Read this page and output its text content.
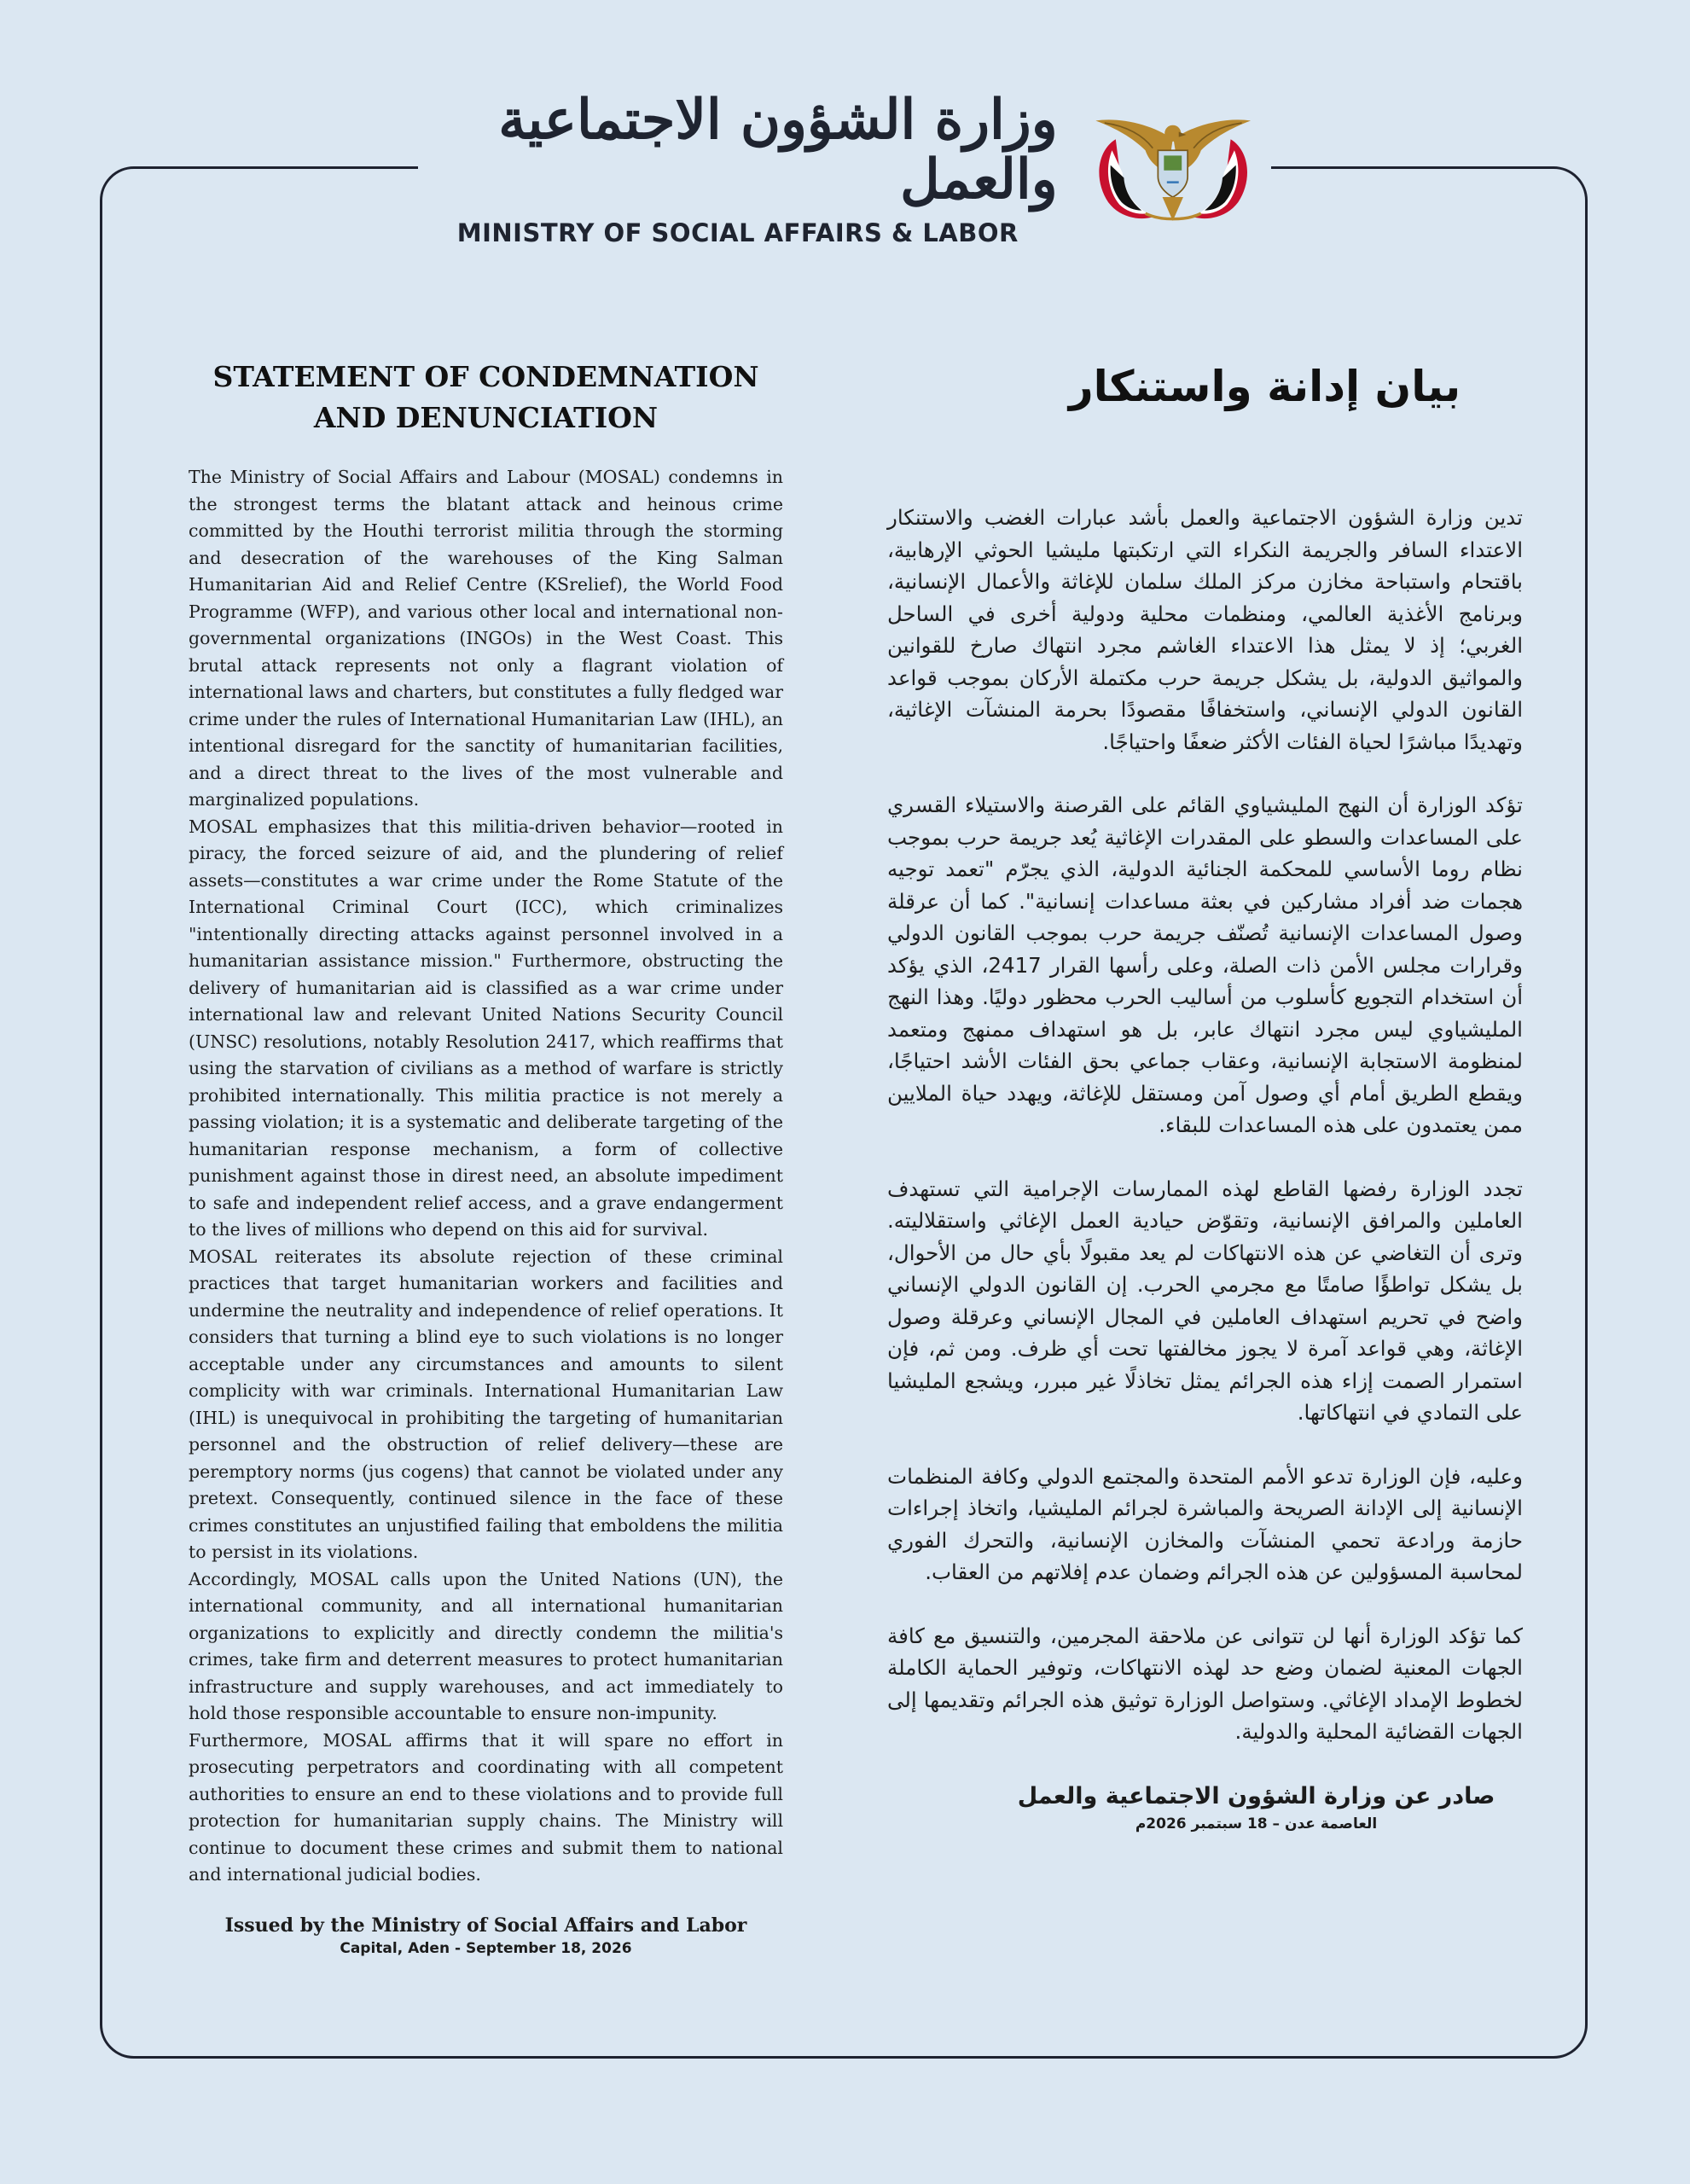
وزارة الشؤون الاجتماعية والعمل
MINISTRY OF SOCIAL AFFAIRS & LABOR
STATEMENT OF CONDEMNATION AND DENUNCIATION

The Ministry of Social Affairs and Labour (MOSAL) condemns in the strongest terms the blatant attack and heinous crime committed by the Houthi terrorist militia through the storming and desecration of the warehouses of the King Salman Humanitarian Aid and Relief Centre (KSrelief), the World Food Programme (WFP), and various other local and international non-governmental organizations (INGOs) in the West Coast. This brutal attack represents not only a flagrant violation of international laws and charters, but constitutes a fully fledged war crime under the rules of International Humanitarian Law (IHL), an intentional disregard for the sanctity of humanitarian facilities, and a direct threat to the lives of the most vulnerable and marginalized populations.

MOSAL emphasizes that this militia-driven behavior—rooted in piracy, the forced seizure of aid, and the plundering of relief assets—constitutes a war crime under the Rome Statute of the International Criminal Court (ICC), which criminalizes "intentionally directing attacks against personnel involved in a humanitarian assistance mission." Furthermore, obstructing the delivery of humanitarian aid is classified as a war crime under international law and relevant United Nations Security Council (UNSC) resolutions, notably Resolution 2417, which reaffirms that using the starvation of civilians as a method of warfare is strictly prohibited internationally. This militia practice is not merely a passing violation; it is a systematic and deliberate targeting of the humanitarian response mechanism, a form of collective punishment against those in direst need, an absolute impediment to safe and independent relief access, and a grave endangerment to the lives of millions who depend on this aid for survival.

MOSAL reiterates its absolute rejection of these criminal practices that target humanitarian workers and facilities and undermine the neutrality and independence of relief operations. It considers that turning a blind eye to such violations is no longer acceptable under any circumstances and amounts to silent complicity with war criminals. International Humanitarian Law (IHL) is unequivocal in prohibiting the targeting of humanitarian personnel and the obstruction of relief delivery—these are peremptory norms (jus cogens) that cannot be violated under any pretext. Consequently, continued silence in the face of these crimes constitutes an unjustified failing that emboldens the militia to persist in its violations.

Accordingly, MOSAL calls upon the United Nations (UN), the international community, and all international humanitarian organizations to explicitly and directly condemn the militia's crimes, take firm and deterrent measures to protect humanitarian infrastructure and supply warehouses, and act immediately to hold those responsible accountable to ensure non-impunity.

Furthermore, MOSAL affirms that it will spare no effort in prosecuting perpetrators and coordinating with all competent authorities to ensure an end to these violations and to provide full protection for humanitarian supply chains. The Ministry will continue to document these crimes and submit them to national and international judicial bodies.

Issued by the Ministry of Social Affairs and Labor
Capital, Aden - September 18, 2026
بيان إدانة واستنكار

تدين وزارة الشؤون الاجتماعية والعمل بأشد عبارات الغضب والاستنكار الاعتداء السافر والجريمة النكراء التي ارتكبتها مليشيا الحوثي الإرهابية، باقتحام واستباحة مخازن مركز الملك سلمان للإغاثة والأعمال الإنسانية، وبرنامج الأغذية العالمي، ومنظمات محلية ودولية أخرى في الساحل الغربي؛ إذ لا يمثل هذا الاعتداء الغاشم مجرد انتهاك صارخ للقوانين والمواثيق الدولية، بل يشكل جريمة حرب مكتملة الأركان بموجب قواعد القانون الدولي الإنساني، واستخفافًا مقصودًا بحرمة المنشآت الإغاثية، وتهديدًا مباشرًا لحياة الفئات الأكثر ضعفًا واحتياجًا.

تؤكد الوزارة أن النهج المليشياوي القائم على القرصنة والاستيلاء القسري على المساعدات والسطو على المقدرات الإغاثية يُعد جريمة حرب بموجب نظام روما الأساسي للمحكمة الجنائية الدولية، الذي يجرّم "تعمد توجيه هجمات ضد أفراد مشاركين في بعثة مساعدات إنسانية". كما أن عرقلة وصول المساعدات الإنسانية تُصنّف جريمة حرب بموجب القانون الدولي وقرارات مجلس الأمن ذات الصلة، وعلى رأسها القرار 2417، الذي يؤكد أن استخدام التجويع كأسلوب من أساليب الحرب محظور دوليًا. وهذا النهج المليشياوي ليس مجرد انتهاك عابر، بل هو استهداف ممنهج ومتعمد لمنظومة الاستجابة الإنسانية، وعقاب جماعي بحق الفئات الأشد احتياجًا، ويقطع الطريق أمام أي وصول آمن ومستقل للإغاثة، ويهدد حياة الملايين ممن يعتمدون على هذه المساعدات للبقاء.

تجدد الوزارة رفضها القاطع لهذه الممارسات الإجرامية التي تستهدف العاملين والمرافق الإنسانية، وتقوّض حيادية العمل الإغاثي واستقلاليته. وترى أن التغاضي عن هذه الانتهاكات لم يعد مقبولًا بأي حال من الأحوال، بل يشكل تواطؤًا صامتًا مع مجرمي الحرب. إن القانون الدولي الإنساني واضح في تحريم استهداف العاملين في المجال الإنساني وعرقلة وصول الإغاثة، وهي قواعد آمرة لا يجوز مخالفتها تحت أي ظرف. ومن ثم، فإن استمرار الصمت إزاء هذه الجرائم يمثل تخاذلًا غير مبرر، ويشجع المليشيا على التمادي في انتهاكاتها.

وعليه، فإن الوزارة تدعو الأمم المتحدة والمجتمع الدولي وكافة المنظمات الإنسانية إلى الإدانة الصريحة والمباشرة لجرائم المليشيا، واتخاذ إجراءات حازمة ورادعة تحمي المنشآت والمخازن الإنسانية، والتحرك الفوري لمحاسبة المسؤولين عن هذه الجرائم وضمان عدم إفلاتهم من العقاب.

كما تؤكد الوزارة أنها لن تتوانى عن ملاحقة المجرمين، والتنسيق مع كافة الجهات المعنية لضمان وضع حد لهذه الانتهاكات، وتوفير الحماية الكاملة لخطوط الإمداد الإغاثي. وستواصل الوزارة توثيق هذه الجرائم وتقديمها إلى الجهات القضائية المحلية والدولية.

صادر عن وزارة الشؤون الاجتماعية والعمل
العاصمة عدن – 18 سبتمبر 2026م
